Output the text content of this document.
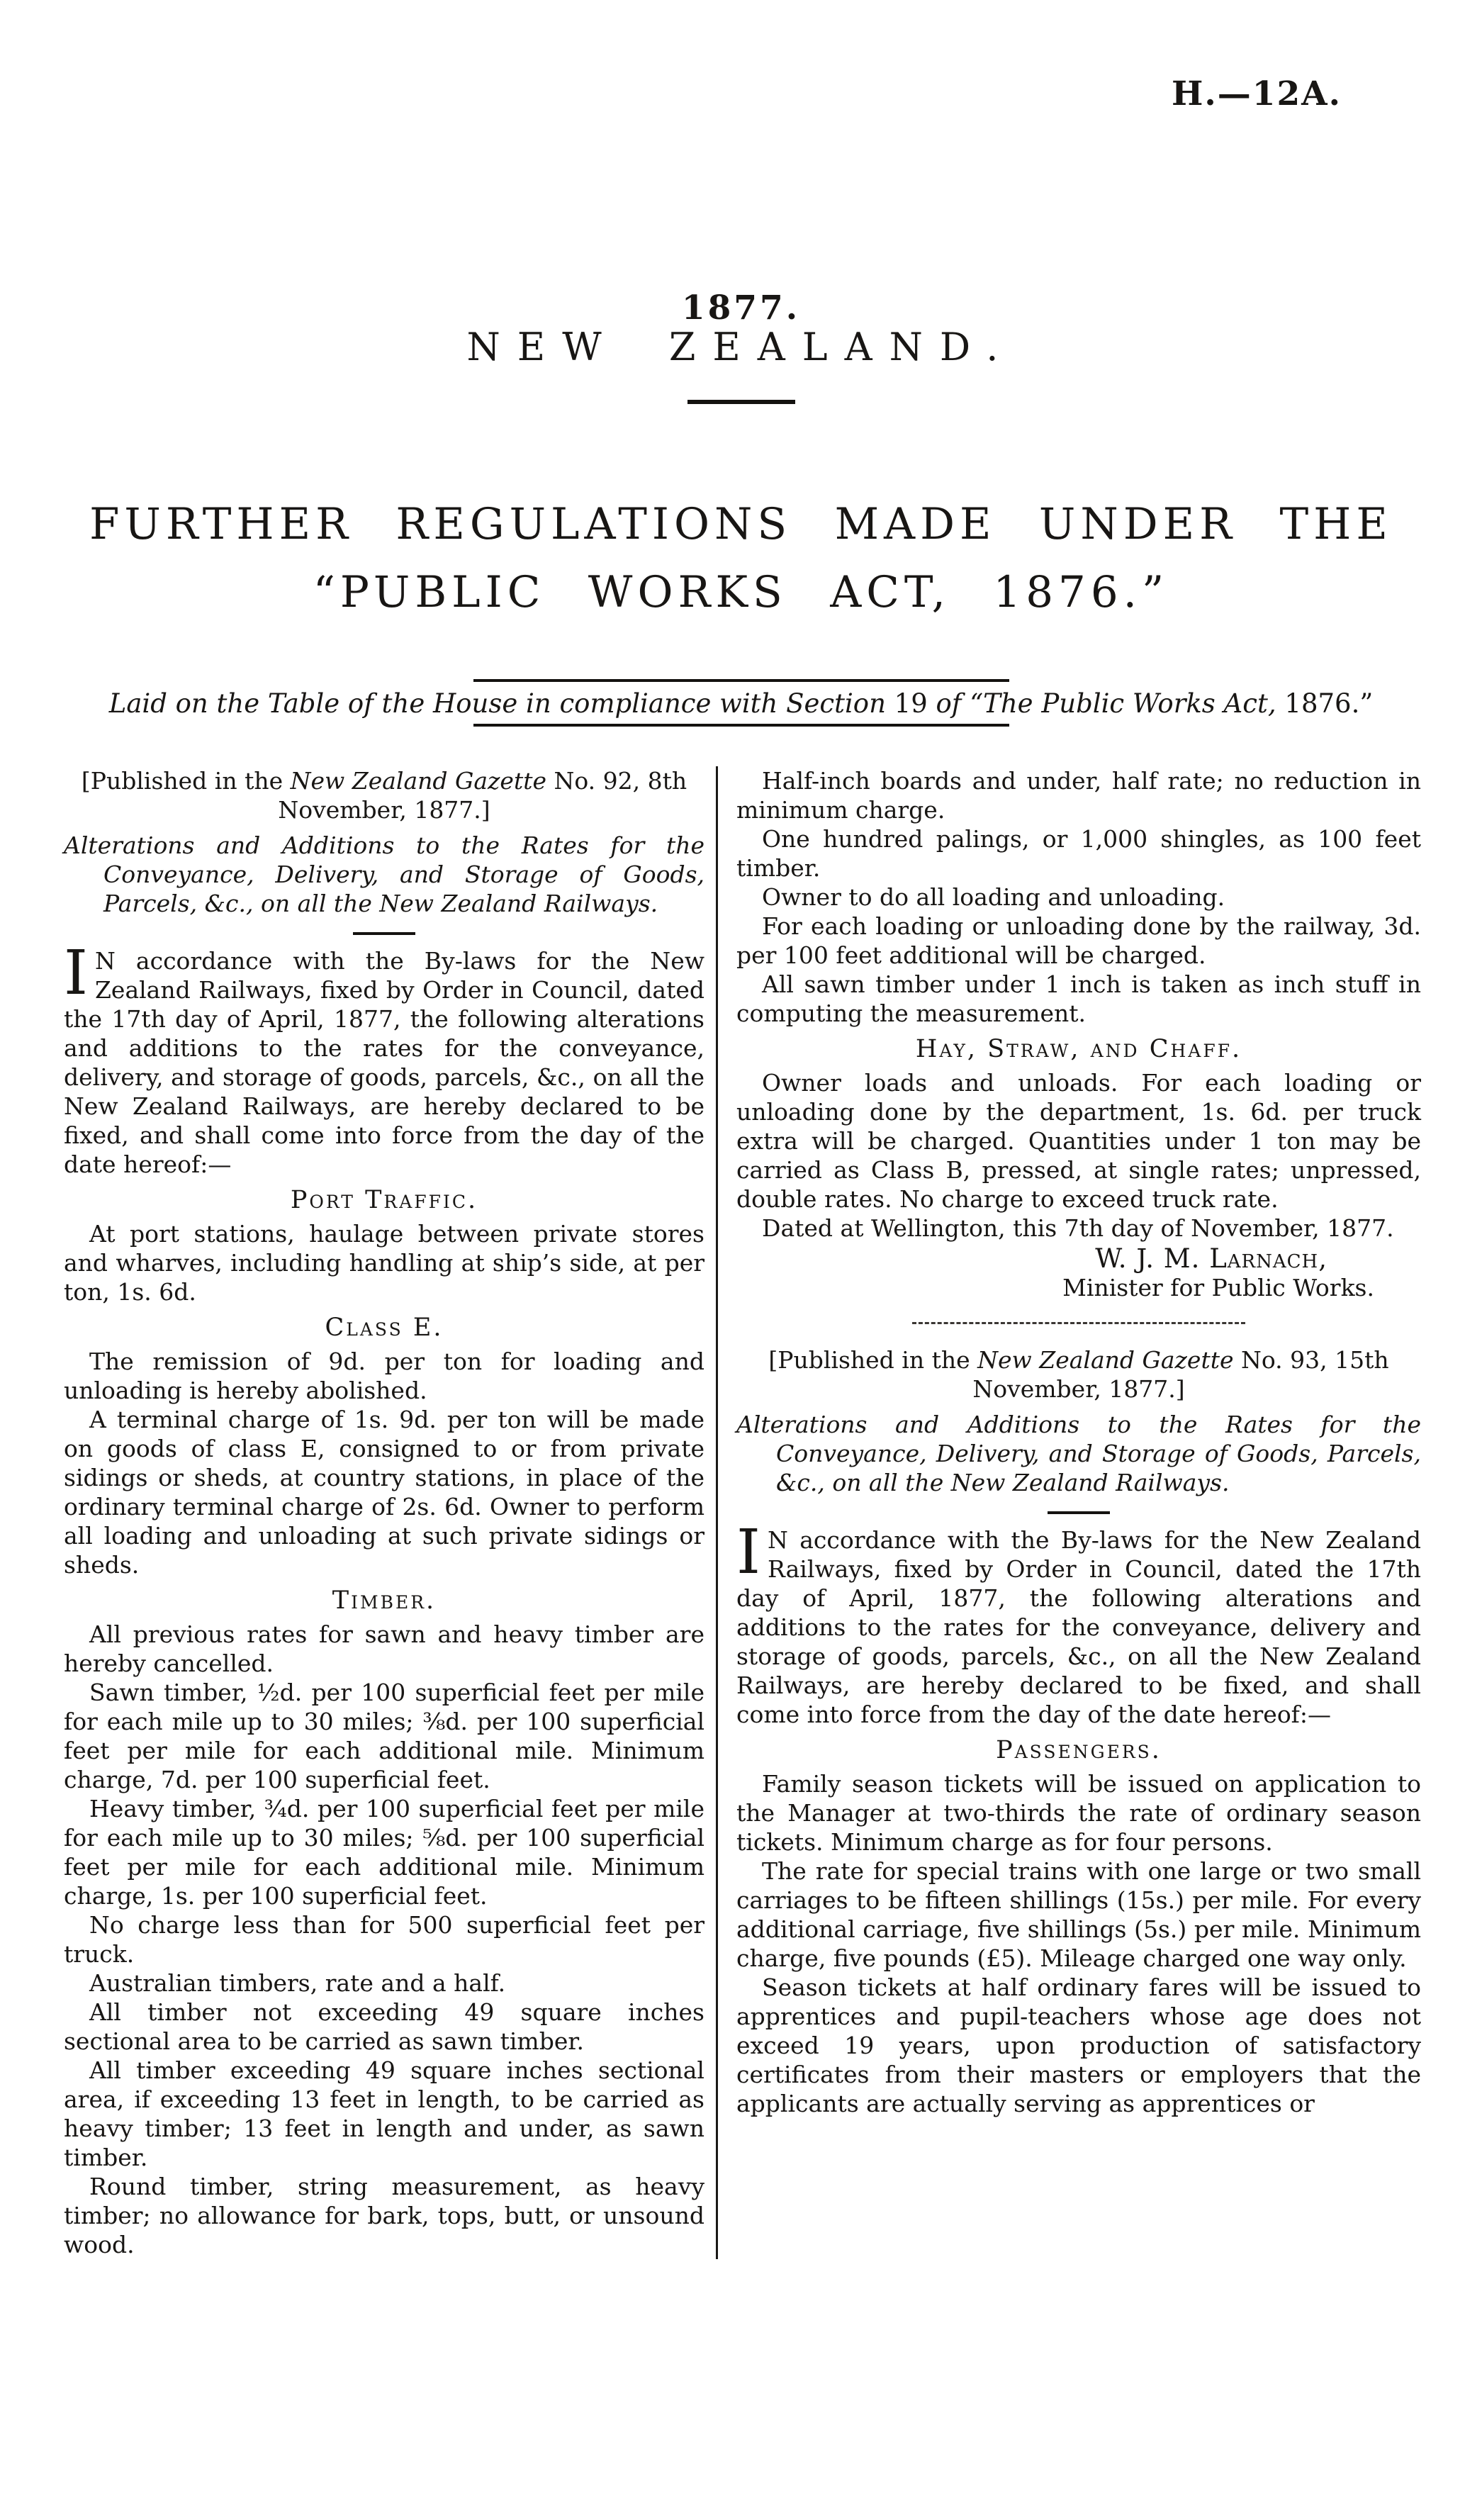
H.—12A.

1877.

NEW ZEALAND.

FURTHER REGULATIONS MADE UNDER THE
“PUBLIC WORKS ACT, 1876.”

Laid on the Table of the House in compliance with Section 19 of “The Public Works Act, 1876.”

[Published in the New Zealand Gazette No. 92, 8th November, 1877.]

Alterations and Additions to the Rates for the Conveyance, Delivery, and Storage of Goods, Parcels, &c., on all the New Zealand Railways.

I N accordance with the By-laws for the New Zealand Railways, fixed by Order in Council, dated the 17th day of April, 1877, the following alterations and additions to the rates for the conveyance, delivery, and storage of goods, parcels, &c., on all the New Zealand Railways, are hereby declared to be fixed, and shall come into force from the day of the date hereof:—

Port Traffic.

At port stations, haulage between private stores and wharves, including handling at ship’s side, at per ton, 1s. 6d.

Class E.

The remission of 9d. per ton for loading and unloading is hereby abolished.

A terminal charge of 1s. 9d. per ton will be made on goods of class E, consigned to or from private sidings or sheds, at country stations, in place of the ordinary terminal charge of 2s. 6d. Owner to perform all loading and unloading at such private sidings or sheds.

Timber.

All previous rates for sawn and heavy timber are hereby cancelled.

Sawn timber, ½d. per 100 superficial feet per mile for each mile up to 30 miles; ⅜d. per 100 superficial feet per mile for each additional mile. Minimum charge, 7d. per 100 superficial feet.

Heavy timber, ¾d. per 100 superficial feet per mile for each mile up to 30 miles; ⅝d. per 100 superficial feet per mile for each additional mile. Minimum charge, 1s. per 100 superficial feet.

No charge less than for 500 superficial feet per truck.

Australian timbers, rate and a half.

All timber not exceeding 49 square inches sectional area to be carried as sawn timber.

All timber exceeding 49 square inches sectional area, if exceeding 13 feet in length, to be carried as heavy timber; 13 feet in length and under, as sawn timber.

Round timber, string measurement, as heavy timber; no allowance for bark, tops, butt, or unsound wood.

Half-inch boards and under, half rate; no reduction in minimum charge.

One hundred palings, or 1,000 shingles, as 100 feet timber.

Owner to do all loading and unloading.

For each loading or unloading done by the railway, 3d. per 100 feet additional will be charged.

All sawn timber under 1 inch is taken as inch stuff in computing the measurement.

Hay, Straw, and Chaff.

Owner loads and unloads. For each loading or unloading done by the department, 1s. 6d. per truck extra will be charged. Quantities under 1 ton may be carried as Class B, pressed, at single rates; unpressed, double rates. No charge to exceed truck rate.

Dated at Wellington, this 7th day of November, 1877.

W. J. M. Larnach,

Minister for Public Works.

[Published in the New Zealand Gazette No. 93, 15th November, 1877.]

Alterations and Additions to the Rates for the Conveyance, Delivery, and Storage of Goods, Parcels, &c., on all the New Zealand Railways.

I N accordance with the By-laws for the New Zealand Railways, fixed by Order in Council, dated the 17th day of April, 1877, the following alterations and additions to the rates for the conveyance, delivery and storage of goods, parcels, &c., on all the New Zealand Railways, are hereby declared to be fixed, and shall come into force from the day of the date hereof:—

Passengers.

Family season tickets will be issued on application to the Manager at two-thirds the rate of ordinary season tickets. Minimum charge as for four persons.

The rate for special trains with one large or two small carriages to be fifteen shillings (15s.) per mile. For every additional carriage, five shillings (5s.) per mile. Minimum charge, five pounds (£5). Mileage charged one way only.

Season tickets at half ordinary fares will be issued to apprentices and pupil-teachers whose age does not exceed 19 years, upon production of satisfactory certificates from their masters or employers that the applicants are actually serving as apprentices or
